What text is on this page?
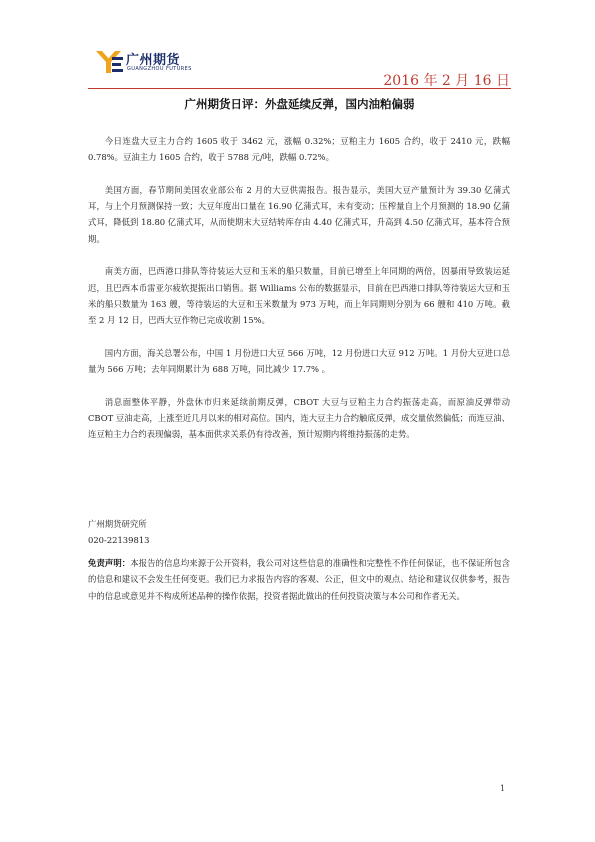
广州期货
GUANGZHOU FUTURES
2016 年 2 月 16 日
广州期货日评：外盘延续反弹，国内油粕偏弱

今日连盘大豆主力合约 1605 收于 3462 元，涨幅 0.32%；豆粕主力 1605 合约，收于 2410 元，跌幅 0.78%。豆油主力 1605 合约，收于 5788 元/吨，跌幅 0.72%。

美国方面，春节期间美国农业部公布 2 月的大豆供需报告。报告显示，美国大豆产量预计为 39.30 亿蒲式耳，与上个月预测保持一致；大豆年度出口量在 16.90 亿蒲式耳，未有变动；压榨量自上个月预测的 18.90 亿蒲式耳，降低到 18.80 亿蒲式耳，从而使期末大豆结转库存由 4.40 亿蒲式耳，升高到 4.50 亿蒲式耳，基本符合预期。

南美方面，巴西港口排队等待装运大豆和玉米的船只数量，目前已增至上年同期的两倍，因暴雨导致装运延迟，且巴西本币雷亚尔疲软提振出口销售。据 Williams 公布的数据显示，目前在巴西港口排队等待装运大豆和玉米的船只数量为 163 艘，等待装运的大豆和玉米数量为 973 万吨，而上年同期则分别为 66 艘和 410 万吨。截至 2 月 12 日，巴西大豆作物已完成收割 15%。

国内方面，海关总署公布，中国 1 月份进口大豆 566 万吨，12 月份进口大豆 912 万吨。1 月份大豆进口总量为 566 万吨；去年同期累计为 688 万吨，同比减少 17.7% 。

消息面整体平静，外盘休市归来延续前期反弹，CBOT 大豆与豆粕主力合约振荡走高，而原油反弹带动 CBOT 豆油走高，上涨至近几月以来的相对高位。国内，连大豆主力合约触底反弹，成交量依然偏低；而连豆油、连豆粕主力合约表现偏弱，基本面供求关系仍有待改善，预计短期内将维持振荡的走势。

广州期货研究所
020-22139813
免责声明：本报告的信息均来源于公开资料，我公司对这些信息的准确性和完整性不作任何保证，也不保证所包含的信息和建议不会发生任何变更。我们已力求报告内容的客观、公正，但文中的观点、结论和建议仅供参考，报告中的信息或意见并不构成所述品种的操作依据，投资者据此做出的任何投资决策与本公司和作者无关。
1
